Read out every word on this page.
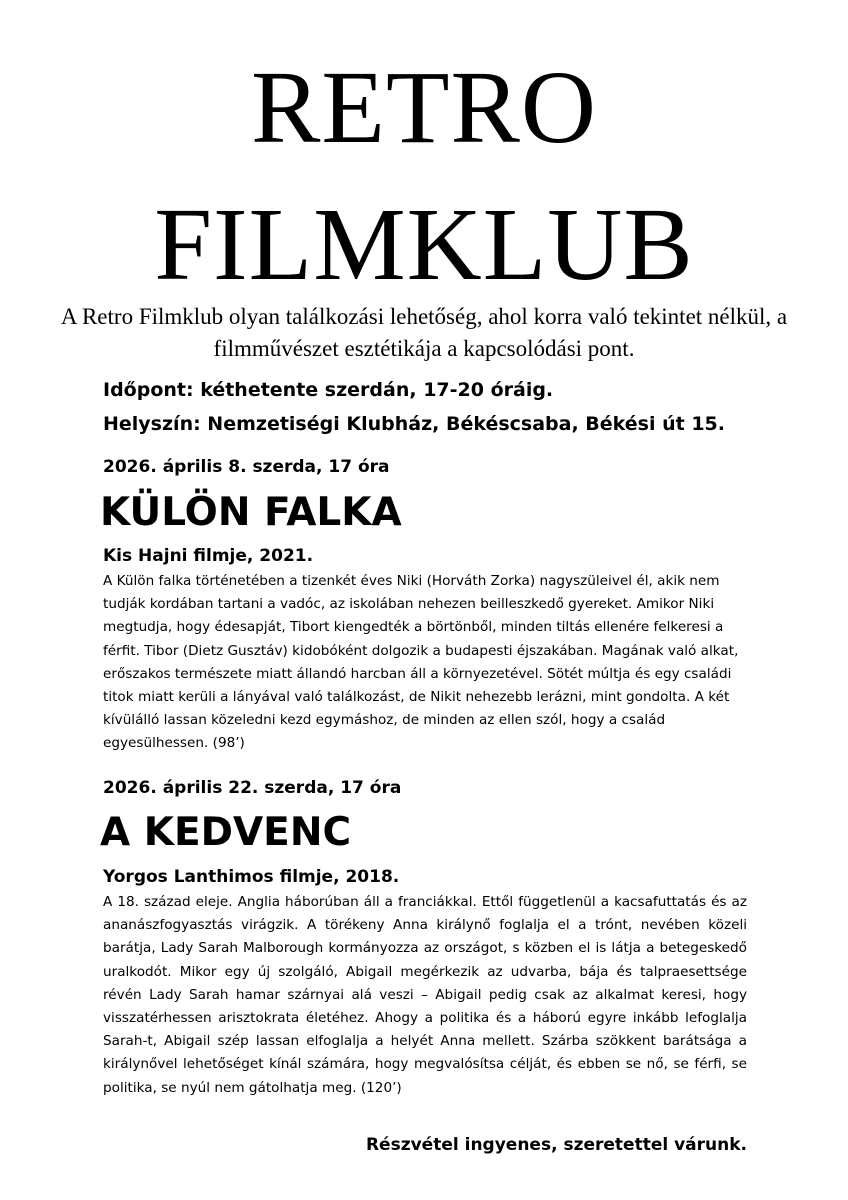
RETRO
FILMKLUB
A Retro Filmklub olyan találkozási lehetőség, ahol korra való tekintet nélkül, a filmművészet esztétikája a kapcsolódási pont.
Időpont: kéthetente szerdán, 17-20 óráig.
Helyszín: Nemzetiségi Klubház, Békéscsaba, Békési út 15.
2026. április 8. szerda, 17 óra
KÜLÖN FALKA
Kis Hajni filmje, 2021.
A Külön falka történetében a tizenkét éves Niki (Horváth Zorka) nagyszüleivel él, akik nem tudják kordában tartani a vadóc, az iskolában nehezen beilleszkedő gyereket. Amikor Niki megtudja, hogy édesapját, Tibort kiengedték a börtönből, minden tiltás ellenére felkeresi a férfit. Tibor (Dietz Gusztáv) kidobóként dolgozik a budapesti éjszakában. Magának való alkat, erőszakos természete miatt állandó harcban áll a környezetével. Sötét múltja és egy családi titok miatt kerüli a lányával való találkozást, de Nikit nehezebb lerázni, mint gondolta. A két kívülálló lassan közeledni kezd egymáshoz, de minden az ellen szól, hogy a család egyesülhessen. (98’)
2026. április 22. szerda, 17 óra
A KEDVENC
Yorgos Lanthimos filmje, 2018.
A 18. század eleje. Anglia háborúban áll a franciákkal. Ettől függetlenül a kacsafuttatás és az ananászfogyasztás virágzik. A törékeny Anna királynő foglalja el a trónt, nevében közeli barátja, Lady Sarah Malborough kormányozza az országot, s közben el is látja a betegeskedő uralkodót. Mikor egy új szolgáló, Abigail megérkezik az udvarba, bája és talpraesettsége révén Lady Sarah hamar szárnyai alá veszi – Abigail pedig csak az alkalmat keresi, hogy visszatérhessen arisztokrata életéhez. Ahogy a politika és a háború egyre inkább lefoglalja Sarah-t, Abigail szép lassan elfoglalja a helyét Anna mellett. Szárba szökkent barátsága a királynővel lehetőséget kínál számára, hogy megvalósítsa célját, és ebben se nő, se férfi, se politika, se nyúl nem gátolhatja meg. (120’)
Részvétel ingyenes, szeretettel várunk.
